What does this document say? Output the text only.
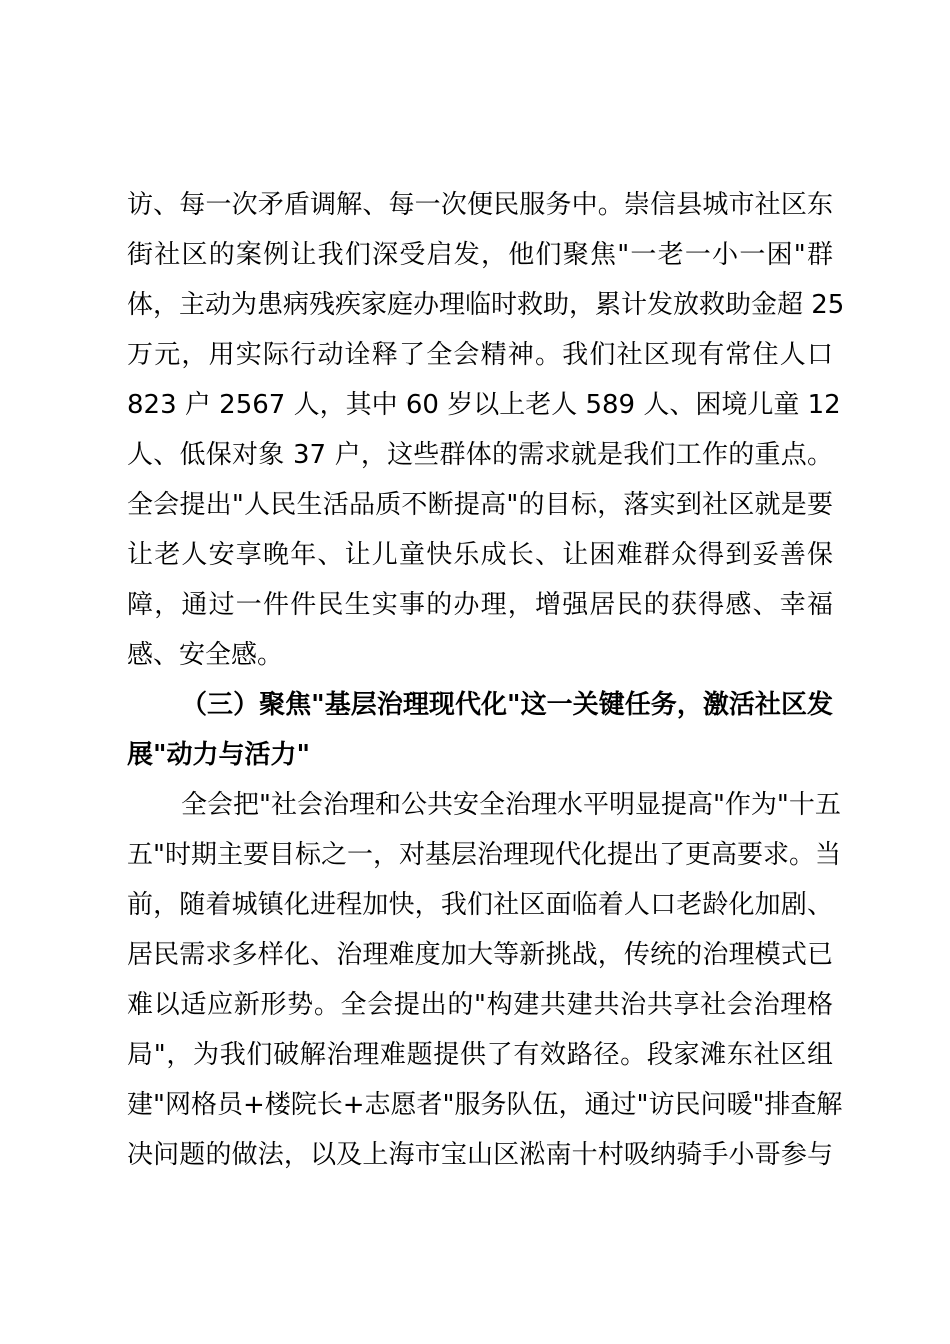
访、每一次矛盾调解、每一次便民服务中。崇信县城市社区东
街社区的案例让我们深受启发，他们聚焦"一老一小一困"群
体，主动为患病残疾家庭办理临时救助，累计发放救助金超 25
万元，用实际行动诠释了全会精神。我们社区现有常住人口
823 户 2567 人，其中 60 岁以上老人 589 人、困境儿童 12
人、低保对象 37 户，这些群体的需求就是我们工作的重点。
全会提出"人民生活品质不断提高"的目标，落实到社区就是要
让老人安享晚年、让儿童快乐成长、让困难群众得到妥善保
障，通过一件件民生实事的办理，增强居民的获得感、幸福
感、安全感。
（三）聚焦"基层治理现代化"这一关键任务，激活社区发
展"动力与活力"
全会把"社会治理和公共安全治理水平明显提高"作为"十五
五"时期主要目标之一，对基层治理现代化提出了更高要求。当
前，随着城镇化进程加快，我们社区面临着人口老龄化加剧、
居民需求多样化、治理难度加大等新挑战，传统的治理模式已
难以适应新形势。全会提出的"构建共建共治共享社会治理格
局"，为我们破解治理难题提供了有效路径。段家滩东社区组
建"网格员+楼院长+志愿者"服务队伍，通过"访民问暖"排查解
决问题的做法，以及上海市宝山区淞南十村吸纳骑手小哥参与
